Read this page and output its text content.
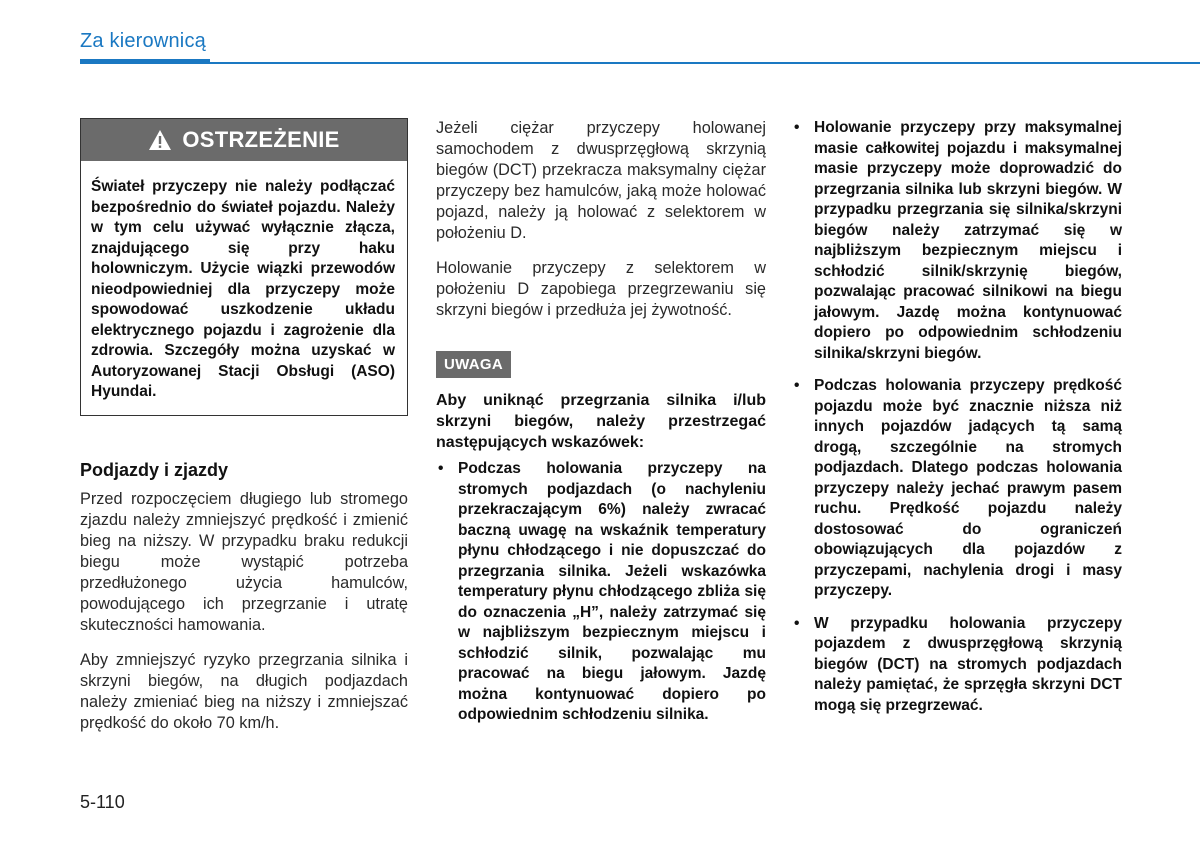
Za kierownicą
OSTRZEŻENIE
Świateł przyczepy nie należy podłączać bezpośrednio do świateł pojazdu. Należy w tym celu używać wyłącznie złącza, znajdującego się przy haku holowniczym. Użycie wiązki przewodów nieodpowiedniej dla przyczepy może spowodować uszkodzenie układu elektrycznego pojazdu i zagrożenie dla zdrowia. Szczegóły można uzyskać w Autoryzowanej Stacji Obsługi (ASO) Hyundai.
Podjazdy i zjazdy

Przed rozpoczęciem długiego lub stromego zjazdu należy zmniejszyć prędkość i zmienić bieg na niższy. W przypadku braku redukcji biegu może wystąpić potrzeba przedłużonego użycia hamulców, powodującego ich przegrzanie i utratę skuteczności hamowania.

Aby zmniejszyć ryzyko przegrzania silnika i skrzyni biegów, na długich podjazdach należy zmieniać bieg na niższy i zmniejszać prędkość do około 70 km/h.

Jeżeli ciężar przyczepy holowanej samochodem z dwusprzęgłową skrzynią biegów (DCT) przekracza maksymalny ciężar przyczepy bez hamulców, jaką może holować pojazd, należy ją holować z selektorem w położeniu D.

Holowanie przyczepy z selektorem w położeniu D zapobiega przegrzewaniu się skrzyni biegów i przedłuża jej żywotność.

UWAGA
Aby uniknąć przegrzania silnika i/lub skrzyni biegów, należy przestrzegać następujących wskazówek:
• Podczas holowania przyczepy na stromych podjazdach (o nachyleniu przekraczającym 6%) należy zwracać baczną uwagę na wskaźnik temperatury płynu chłodzącego i nie dopuszczać do przegrzania silnika. Jeżeli wskazówka temperatury płynu chłodzącego zbliża się do oznaczenia „H”, należy zatrzymać się w najbliższym bezpiecznym miejscu i schłodzić silnik, pozwalając mu pracować na biegu jałowym. Jazdę można kontynuować dopiero po odpowiednim schłodzeniu silnika.
• Holowanie przyczepy przy maksymalnej masie całkowitej pojazdu i maksymalnej masie przyczepy może doprowadzić do przegrzania silnika lub skrzyni biegów. W przypadku przegrzania się silnika/skrzyni biegów należy zatrzymać się w najbliższym bezpiecznym miejscu i schłodzić silnik/skrzynię biegów, pozwalając pracować silnikowi na biegu jałowym. Jazdę można kontynuować dopiero po odpowiednim schłodzeniu silnika/skrzyni biegów.
• Podczas holowania przyczepy prędkość pojazdu może być znacznie niższa niż innych pojazdów jadących tą samą drogą, szczególnie na stromych podjazdach. Dlatego podczas holowania przyczepy należy jechać prawym pasem ruchu. Prędkość pojazdu należy dostosować do ograniczeń obowiązujących dla pojazdów z przyczepami, nachylenia drogi i masy przyczepy.
• W przypadku holowania przyczepy pojazdem z dwusprzęgłową skrzynią biegów (DCT) na stromych podjazdach należy pamiętać, że sprzęgła skrzyni DCT mogą się przegrzewać.
5-110
